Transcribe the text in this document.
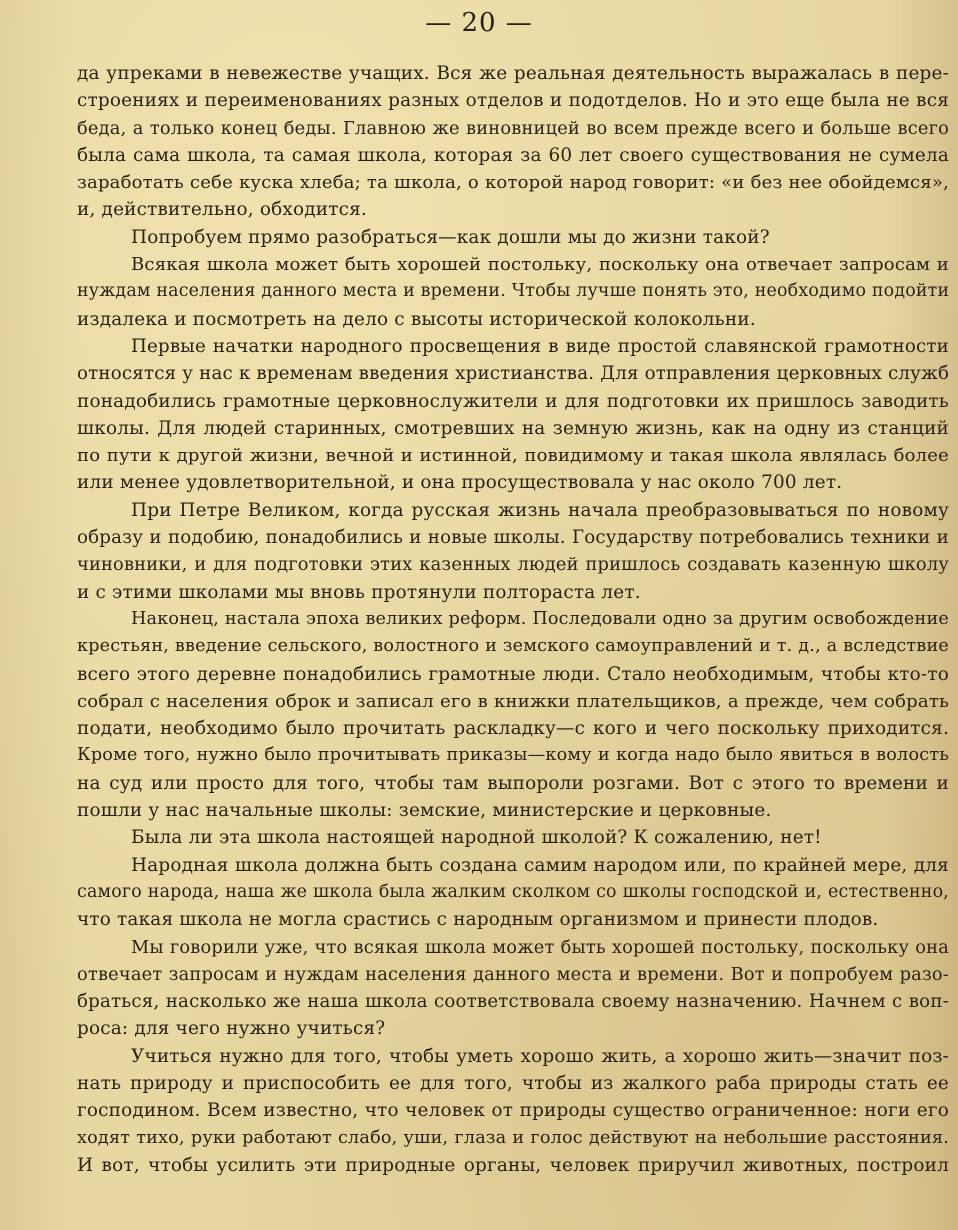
— 20 —
да упреками в невежестве учащих. Вся же реальная деятельность выражалась в пере-
строениях и переименованиях разных отделов и подотделов. Но и это еще была не вся
беда, а только конец беды. Главною же виновницей во всем прежде всего и больше всего
была сама школа, та самая школа, которая за 60 лет своего существования не сумела
заработать себе куска хлеба; та школа, о которой народ говорит: «и без нее обойдемся»,
и, действительно, обходится.
Попробуем прямо разобраться—как дошли мы до жизни такой?
Всякая школа может быть хорошей постольку, поскольку она отвечает запросам и
нуждам населения данного места и времени. Чтобы лучше понять это, необходимо подойти
издалека и посмотреть на дело с высоты исторической колокольни.
Первые начатки народного просвещения в виде простой славянской грамотности
относятся у нас к временам введения христианства. Для отправления церковных служб
понадобились грамотные церковнослужители и для подготовки их пришлось заводить
школы. Для людей старинных, смотревших на земную жизнь, как на одну из станций
по пути к другой жизни, вечной и истинной, повидимому и такая школа являлась более
или менее удовлетворительной, и она просуществовала у нас около 700 лет.
При Петре Великом, когда русская жизнь начала преобразовываться по новому
образу и подобию, понадобились и новые школы. Государству потребовались техники и
чиновники, и для подготовки этих казенных людей пришлось создавать казенную школу
и с этими школами мы вновь протянули полтораста лет.
Наконец, настала эпоха великих реформ. Последовали одно за другим освобождение
крестьян, введение сельского, волостного и земского самоуправлений и т. д., а вследствие
всего этого деревне понадобились грамотные люди. Стало необходимым, чтобы кто-то
собрал с населения оброк и записал его в книжки плательщиков, а прежде, чем собрать
подати, необходимо было прочитать раскладку—с кого и чего поскольку приходится.
Кроме того, нужно было прочитывать приказы—кому и когда надо было явиться в волость
на суд или просто для того, чтобы там выпороли розгами. Вот с этого то времени и
пошли у нас начальные школы: земские, министерские и церковные.
Была ли эта школа настоящей народной школой? К сожалению, нет!
Народная школа должна быть создана самим народом или, по крайней мере, для
самого народа, наша же школа была жалким сколком со школы господской и, естественно,
что такая школа не могла срастись с народным организмом и принести плодов.
Мы говорили уже, что всякая школа может быть хорошей постольку, поскольку она
отвечает запросам и нуждам населения данного места и времени. Вот и попробуем разо-
браться, насколько же наша школа соответствовала своему назначению. Начнем с воп-
роса: для чего нужно учиться?
Учиться нужно для того, чтобы уметь хорошо жить, а хорошо жить—значит поз-
нать природу и приспособить ее для того, чтобы из жалкого раба природы стать ее
господином. Всем известно, что человек от природы существо ограниченное: ноги его
ходят тихо, руки работают слабо, уши, глаза и голос действуют на небольшие расстояния.
И вот, чтобы усилить эти природные органы, человек приручил животных, построил
